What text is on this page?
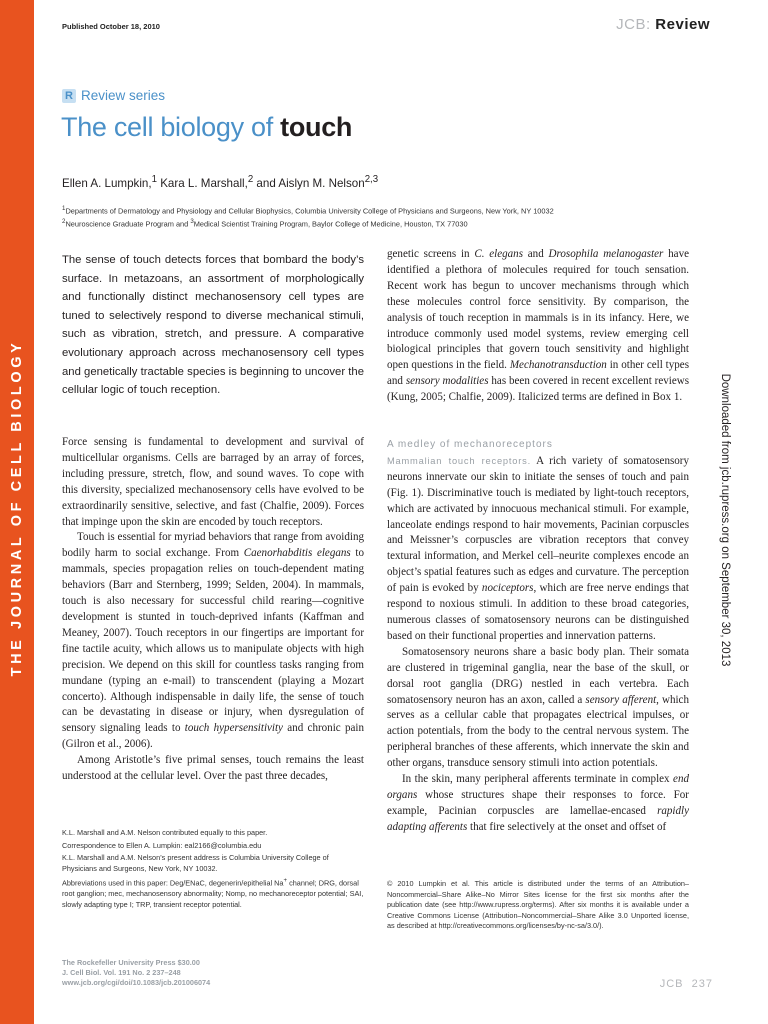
THE JOURNAL OF CELL BIOLOGY
Published October 18, 2010	JCB: Review
R Review series
The cell biology of touch
Ellen A. Lumpkin,$^1$ Kara L. Marshall,$^2$ and Aislyn M. Nelson$^{2,3}$
$^1$Departments of Dermatology and Physiology and Cellular Biophysics, Columbia University College of Physicians and Surgeons, New York, NY 10032
$^2$Neuroscience Graduate Program and $^3$Medical Scientist Training Program, Baylor College of Medicine, Houston, TX 77030
The sense of touch detects forces that bombard the body’s surface. In metazoans, an assortment of morphologically and functionally distinct mechanosensory cell types are tuned to selectively respond to diverse mechanical stimuli, such as vibration, stretch, and pressure. A comparative evolutionary approach across mechanosensory cell types and genetically tractable species is beginning to uncover the cellular logic of touch reception.

Force sensing is fundamental to development and survival of multicellular organisms. Cells are barraged by an array of forces, including pressure, stretch, flow, and sound waves. To cope with this diversity, specialized mechanosensory cells have evolved to be extraordinarily sensitive, selective, and fast (Chalfie, 2009). Forces that impinge upon the skin are encoded by touch receptors.

Touch is essential for myriad behaviors that range from avoiding bodily harm to social exchange. From Caenorhabditis elegans to mammals, species propagation relies on touch-dependent mating behaviors (Barr and Sternberg, 1999; Selden, 2004). In mammals, touch is also necessary for successful child rearing—cognitive development is stunted in touch-deprived infants (Kaffman and Meaney, 2007). Touch receptors in our fingertips are important for fine tactile acuity, which allows us to manipulate objects with high precision. We depend on this skill for countless tasks ranging from mundane (typing an e-mail) to transcendent (playing a Mozart concerto). Although indispensable in daily life, the sense of touch can be devastating in disease or injury, when dysregulation of sensory signaling leads to touch hypersensitivity and chronic pain (Gilron et al., 2006).

Among Aristotle’s five primal senses, touch remains the least understood at the cellular level. Over the past three decades,

genetic screens in C. elegans and Drosophila melanogaster have identified a plethora of molecules required for touch sensation. Recent work has begun to uncover mechanisms through which these molecules control force sensitivity. By comparison, the analysis of touch reception in mammals is in its infancy. Here, we introduce commonly used model systems, review emerging cell biological principles that govern touch sensitivity and highlight open questions in the field. Mechanotransduction in other cell types and sensory modalities has been covered in recent excellent reviews (Kung, 2005; Chalfie, 2009). Italicized terms are defined in Box 1.

A medley of mechanoreceptors

Mammalian touch receptors. A rich variety of somatosensory neurons innervate our skin to initiate the senses of touch and pain (Fig. 1). Discriminative touch is mediated by light-touch receptors, which are activated by innocuous mechanical stimuli. For example, lanceolate endings respond to hair movements, Pacinian corpuscles and Meissner’s corpuscles are vibration receptors that convey textural information, and Merkel cell–neurite complexes encode an object’s spatial features such as edges and curvature. The perception of pain is evoked by nociceptors, which are free nerve endings that respond to noxious stimuli. In addition to these broad categories, numerous classes of somatosensory neurons can be distinguished based on their functional properties and innervation patterns.

Somatosensory neurons share a basic body plan. Their somata are clustered in trigeminal ganglia, near the base of the skull, or dorsal root ganglia (DRG) nestled in each vertebra. Each somatosensory neuron has an axon, called a sensory afferent, which serves as a cellular cable that propagates electrical impulses, or action potentials, from the body to the central nervous system. The peripheral branches of these afferents, which innervate the skin and other organs, transduce sensory stimuli into action potentials.

In the skin, many peripheral afferents terminate in complex end organs whose structures shape their responses to force. For example, Pacinian corpuscles are lamellae-encased rapidly adapting afferents that fire selectively at the onset and offset of

K.L. Marshall and A.M. Nelson contributed equally to this paper.

Correspondence to Ellen A. Lumpkin: eal2166@columbia.edu

K.L. Marshall and A.M. Nelson’s present address is Columbia University College of Physicians and Surgeons, New York, NY 10032.

Abbreviations used in this paper: Deg/ENaC, degenerin/epithelial Na+ channel; DRG, dorsal root ganglion; mec, mechanosensory abnormality; Nomp, no mechanoreceptor potential; SAI, slowly adapting type I; TRP, transient receptor potential.

© 2010 Lumpkin et al. This article is distributed under the terms of an Attribution–Noncommercial–Share Alike–No Mirror Sites license for the first six months after the publication date (see http://www.rupress.org/terms). After six months it is available under a Creative Commons License (Attribution–Noncommercial–Share Alike 3.0 Unported license, as described at http://creativecommons.org/licenses/by-nc-sa/3.0/).
The Rockefeller University Press $30.00
J. Cell Biol. Vol. 191 No. 2 237–248
www.jcb.org/cgi/doi/10.1083/jcb.201006074	JCB 237
Downloaded from jcb.rupress.org on September 30, 2013
